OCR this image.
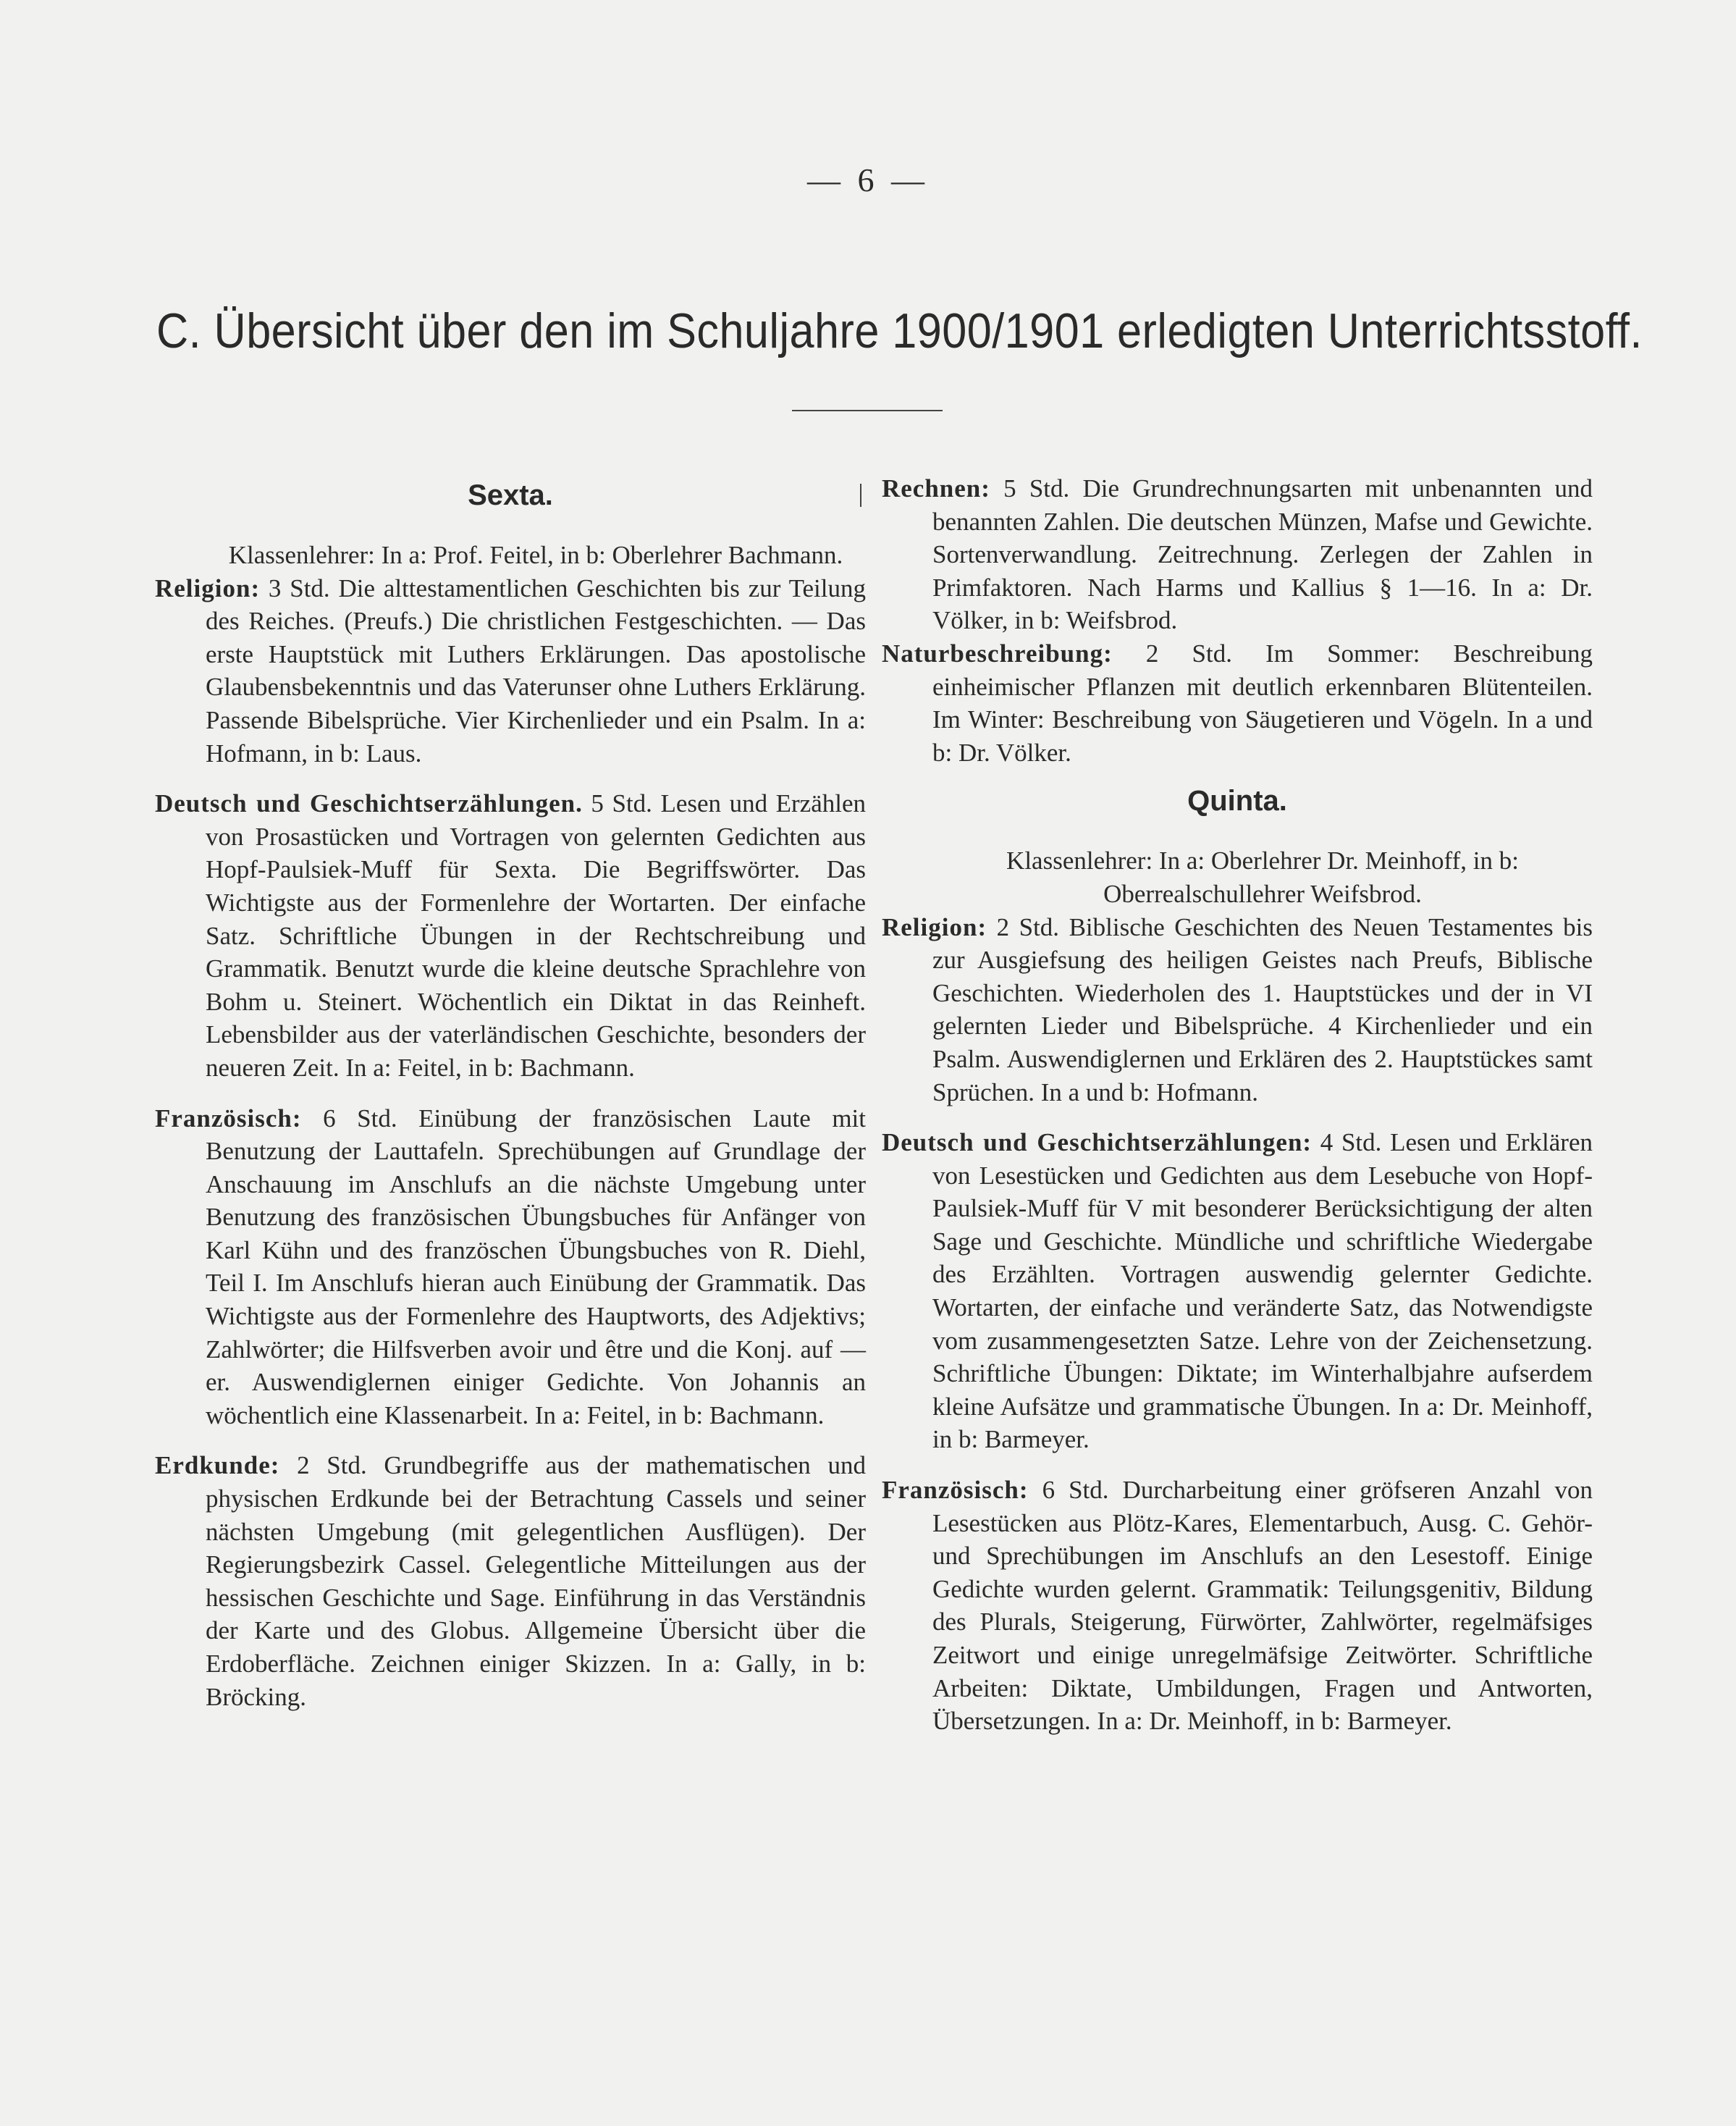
— 6 —
C. Übersicht über den im Schuljahre 1900/1901 erledigten Unterrichtsstoff.
Sexta.

Klassenlehrer: In a: Prof. Feitel, in b: Oberlehrer Bachmann.

Religion: 3 Std. Die alttestamentlichen Geschichten bis zur Teilung des Reiches. (Preufs.) Die christlichen Festgeschichten. — Das erste Hauptstück mit Luthers Erklärungen. Das apostolische Glaubensbekenntnis und das Vaterunser ohne Luthers Erklärung. Passende Bibelsprüche. Vier Kirchenlieder und ein Psalm. In a: Hofmann, in b: Laus.

Deutsch und Geschichtserzählungen. 5 Std. Lesen und Erzählen von Prosastücken und Vortragen von gelernten Gedichten aus Hopf-Paulsiek-Muff für Sexta. Die Begriffswörter. Das Wichtigste aus der Formenlehre der Wortarten. Der einfache Satz. Schriftliche Übungen in der Rechtschreibung und Grammatik. Benutzt wurde die kleine deutsche Sprachlehre von Bohm u. Steinert. Wöchentlich ein Diktat in das Reinheft. Lebensbilder aus der vaterländischen Geschichte, besonders der neueren Zeit. In a: Feitel, in b: Bachmann.

Französisch: 6 Std. Einübung der französischen Laute mit Benutzung der Lauttafeln. Sprechübungen auf Grundlage der Anschauung im Anschlufs an die nächste Umgebung unter Benutzung des französischen Übungsbuches für Anfänger von Karl Kühn und des französchen Übungsbuches von R. Diehl, Teil I. Im Anschlufs hieran auch Einübung der Grammatik. Das Wichtigste aus der Formenlehre des Hauptworts, des Adjektivs; Zahlwörter; die Hilfsverben avoir und être und die Konj. auf —er. Auswendiglernen einiger Gedichte. Von Johannis an wöchentlich eine Klassenarbeit. In a: Feitel, in b: Bachmann.

Erdkunde: 2 Std. Grundbegriffe aus der mathematischen und physischen Erdkunde bei der Betrachtung Cassels und seiner nächsten Umgebung (mit gelegentlichen Ausflügen). Der Regierungsbezirk Cassel. Gelegentliche Mitteilungen aus der hessischen Geschichte und Sage. Einführung in das Verständnis der Karte und des Globus. Allgemeine Übersicht über die Erdoberfläche. Zeichnen einiger Skizzen. In a: Gally, in b: Bröcking.

Rechnen: 5 Std. Die Grundrechnungsarten mit unbenannten und benannten Zahlen. Die deutschen Münzen, Mafse und Gewichte. Sortenverwandlung. Zeitrechnung. Zerlegen der Zahlen in Primfaktoren. Nach Harms und Kallius § 1—16. In a: Dr. Völker, in b: Weifsbrod.

Naturbeschreibung: 2 Std. Im Sommer: Beschreibung einheimischer Pflanzen mit deutlich erkennbaren Blütenteilen. Im Winter: Beschreibung von Säugetieren und Vögeln. In a und b: Dr. Völker.

Quinta.

Klassenlehrer: In a: Oberlehrer Dr. Meinhoff, in b: Oberrealschullehrer Weifsbrod.

Religion: 2 Std. Biblische Geschichten des Neuen Testamentes bis zur Ausgiefsung des heiligen Geistes nach Preufs, Biblische Geschichten. Wiederholen des 1. Hauptstückes und der in VI gelernten Lieder und Bibelsprüche. 4 Kirchenlieder und ein Psalm. Auswendiglernen und Erklären des 2. Hauptstückes samt Sprüchen. In a und b: Hofmann.

Deutsch und Geschichtserzählungen: 4 Std. Lesen und Erklären von Lesestücken und Gedichten aus dem Lesebuche von Hopf-Paulsiek-Muff für V mit besonderer Berücksichtigung der alten Sage und Geschichte. Mündliche und schriftliche Wiedergabe des Erzählten. Vortragen auswendig gelernter Gedichte. Wortarten, der einfache und veränderte Satz, das Notwendigste vom zusammengesetzten Satze. Lehre von der Zeichensetzung. Schriftliche Übungen: Diktate; im Winterhalbjahre aufserdem kleine Aufsätze und grammatische Übungen. In a: Dr. Meinhoff, in b: Barmeyer.

Französisch: 6 Std. Durcharbeitung einer gröfseren Anzahl von Lesestücken aus Plötz-Kares, Elementarbuch, Ausg. C. Gehör- und Sprechübungen im Anschlufs an den Lesestoff. Einige Gedichte wurden gelernt. Grammatik: Teilungsgenitiv, Bildung des Plurals, Steigerung, Fürwörter, Zahlwörter, regelmäfsiges Zeitwort und einige unregelmäfsige Zeitwörter. Schriftliche Arbeiten: Diktate, Umbildungen, Fragen und Antworten, Übersetzungen. In a: Dr. Meinhoff, in b: Barmeyer.
